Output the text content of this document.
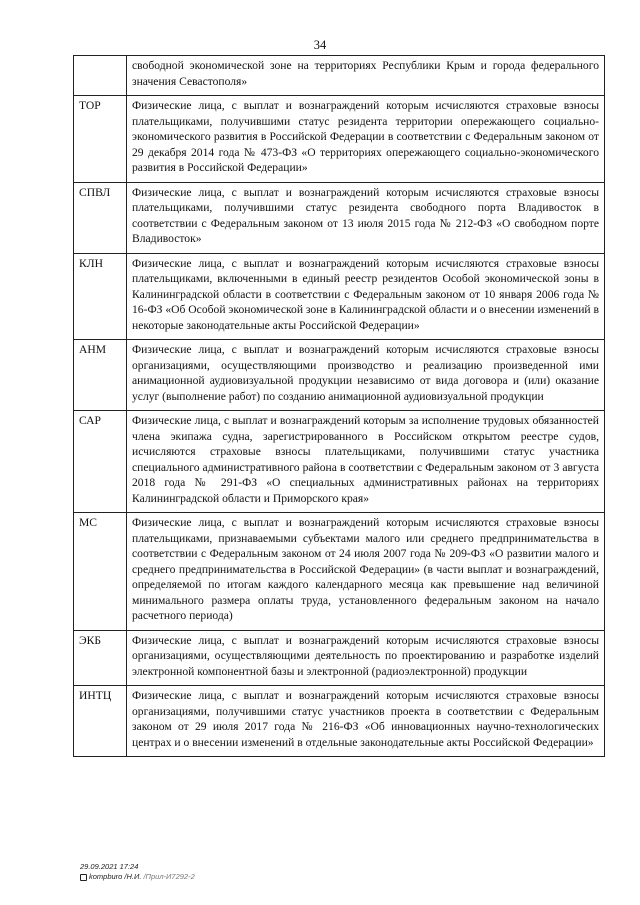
34
	свободной экономической зоне на территориях Республики Крым и города федерального значения Севастополя»
ТОР	Физические лица, с выплат и вознаграждений которым исчисляются страховые взносы плательщиками, получившими статус резидента территории опережающего социально-экономического развития в Российской Федерации в соответствии с Федеральным законом от 29 декабря 2014 года № 473-ФЗ «О территориях опережающего социально-экономического развития в Российской Федерации»
СПВЛ	Физические лица, с выплат и вознаграждений которым исчисляются страховые взносы плательщиками, получившими статус резидента свободного порта Владивосток в соответствии с Федеральным законом от 13 июля 2015 года № 212-ФЗ «О свободном порте Владивосток»
КЛН	Физические лица, с выплат и вознаграждений которым исчисляются страховые взносы плательщиками, включенными в единый реестр резидентов Особой экономической зоны в Калининградской области в соответствии с Федеральным законом от 10 января 2006 года № 16-ФЗ «Об Особой экономической зоне в Калининградской области и о внесении изменений в некоторые законодательные акты Российской Федерации»
АНМ	Физические лица, с выплат и вознаграждений которым исчисляются страховые взносы организациями, осуществляющими производство и реализацию произведенной ими анимационной аудиовизуальной продукции независимо от вида договора и (или) оказание услуг (выполнение работ) по созданию анимационной аудиовизуальной продукции
САР	Физические лица, с выплат и вознаграждений которым за исполнение трудовых обязанностей члена экипажа судна, зарегистрированного в Российском открытом реестре судов, исчисляются страховые взносы плательщиками, получившими статус участника специального административного района в соответствии с Федеральным законом от 3 августа 2018 года № 291-ФЗ «О специальных административных районах на территориях Калининградской области и Приморского края»
МС	Физические лица, с выплат и вознаграждений которым исчисляются страховые взносы плательщиками, признаваемыми субъектами малого или среднего предпринимательства в соответствии с Федеральным законом от 24 июля 2007 года № 209-ФЗ «О развитии малого и среднего предпринимательства в Российской Федерации» (в части выплат и вознаграждений, определяемой по итогам каждого календарного месяца как превышение над величиной минимального размера оплаты труда, установленного федеральным законом на начало расчетного периода)
ЭКБ	Физические лица, с выплат и вознаграждений которым исчисляются страховые взносы организациями, осуществляющими деятельность по проектированию и разработке изделий электронной компонентной базы и электронной (радиоэлектронной) продукции
ИНТЦ	Физические лица, с выплат и вознаграждений которым исчисляются страховые взносы организациями, получившими статус участников проекта в соответствии с Федеральным законом от 29 июля 2017 года № 216-ФЗ «Об инновационных научно-технологических центрах и о внесении изменений в отдельные законодательные акты Российской Федерации»
29.09.2021 17:24
kompburo /Н.И. /Прил-И7292-2
